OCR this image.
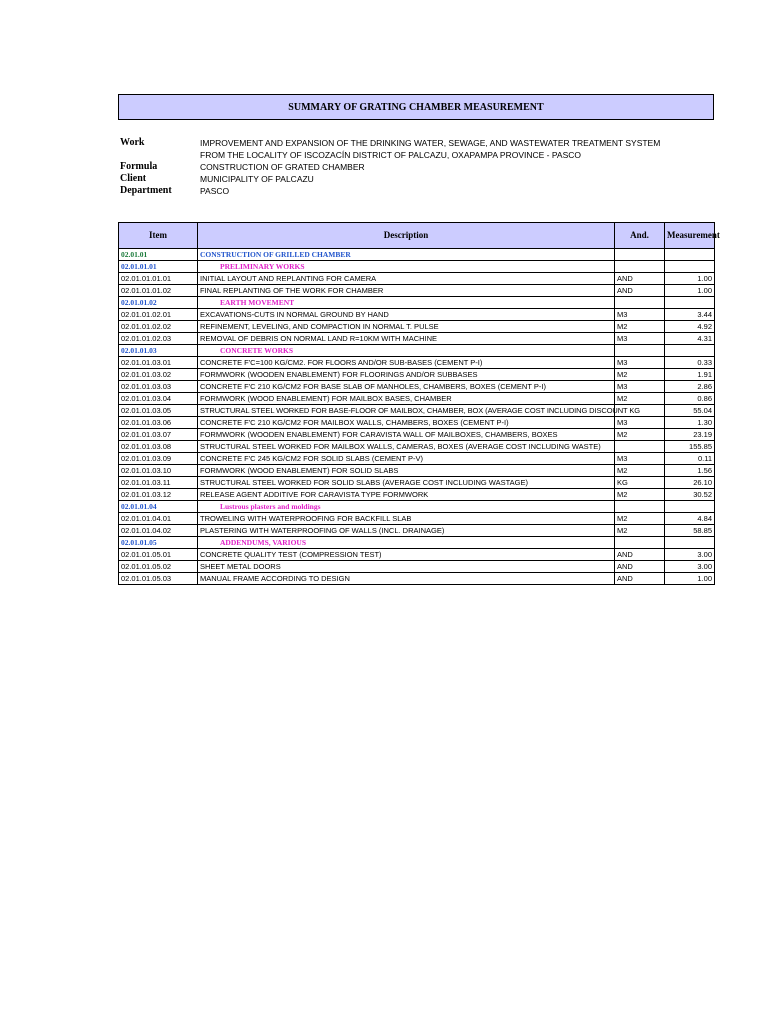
SUMMARY OF GRATING CHAMBER MEASUREMENT
Work	IMPROVEMENT AND EXPANSION OF THE DRINKING WATER, SEWAGE, AND WASTEWATER TREATMENT SYSTEM
FROM THE LOCALITY OF ISCOZACÍN DISTRICT OF PALCAZU, OXAPAMPA PROVINCE - PASCO
Formula	CONSTRUCTION OF GRATED CHAMBER
Client	MUNICIPALITY OF PALCAZU
Department	PASCO
Item	Description	And.	Measurement
02.01.01	CONSTRUCTION OF GRILLED CHAMBER		
02.01.01.01	PRELIMINARY WORKS		
02.01.01.01.01	INITIAL LAYOUT AND REPLANTING FOR CAMERA	AND	1.00
02.01.01.01.02	FINAL REPLANTING OF THE WORK FOR CHAMBER	AND	1.00
02.01.01.02	EARTH MOVEMENT		
02.01.01.02.01	EXCAVATIONS-CUTS IN NORMAL GROUND BY HAND	M3	3.44
02.01.01.02.02	REFINEMENT, LEVELING, AND COMPACTION IN NORMAL T. PULSE	M2	4.92
02.01.01.02.03	REMOVAL OF DEBRIS ON NORMAL LAND R=10KM WITH MACHINE	M3	4.31
02.01.01.03	CONCRETE WORKS		
02.01.01.03.01	CONCRETE F'C=100 KG/CM2. FOR FLOORS AND/OR SUB-BASES (CEMENT P-I)	M3	0.33
02.01.01.03.02	FORMWORK (WOODEN ENABLEMENT) FOR FLOORINGS AND/OR SUBBASES	M2	1.91
02.01.01.03.03	CONCRETE F'C 210 KG/CM2 FOR BASE SLAB OF MANHOLES, CHAMBERS, BOXES (CEMENT P-I)	M3	2.86
02.01.01.03.04	FORMWORK (WOOD ENABLEMENT) FOR MAILBOX BASES, CHAMBER	M2	0.86
02.01.01.03.05	STRUCTURAL STEEL WORKED FOR BASE-FLOOR OF MAILBOX, CHAMBER, BOX (AVERAGE COST INCLUDING DISCOUNT KG		55.04
02.01.01.03.06	CONCRETE F'C 210 KG/CM2 FOR MAILBOX WALLS, CHAMBERS, BOXES (CEMENT P-I)	M3	1.30
02.01.01.03.07	FORMWORK (WOODEN ENABLEMENT) FOR CARAVISTA WALL OF MAILBOXES, CHAMBERS, BOXES	M2	23.19
02.01.01.03.08	STRUCTURAL STEEL WORKED FOR MAILBOX WALLS, CAMERAS, BOXES (AVERAGE COST INCLUDING WASTE)		155.85
02.01.01.03.09	CONCRETE F'C 245 KG/CM2 FOR SOLID SLABS (CEMENT P-V)	M3	0.11
02.01.01.03.10	FORMWORK (WOOD ENABLEMENT) FOR SOLID SLABS	M2	1.56
02.01.01.03.11	STRUCTURAL STEEL WORKED FOR SOLID SLABS (AVERAGE COST INCLUDING WASTAGE)	KG	26.10
02.01.01.03.12	RELEASE AGENT ADDITIVE FOR CARAVISTA TYPE FORMWORK	M2	30.52
02.01.01.04	Lustrous plasters and moldings		
02.01.01.04.01	TROWELING WITH WATERPROOFING FOR BACKFILL SLAB	M2	4.84
02.01.01.04.02	PLASTERING WITH WATERPROOFING OF WALLS (INCL. DRAINAGE)	M2	58.85
02.01.01.05	ADDENDUMS, VARIOUS		
02.01.01.05.01	CONCRETE QUALITY TEST (COMPRESSION TEST)	AND	3.00
02.01.01.05.02	SHEET METAL DOORS	AND	3.00
02.01.01.05.03	MANUAL FRAME ACCORDING TO DESIGN	AND	1.00
